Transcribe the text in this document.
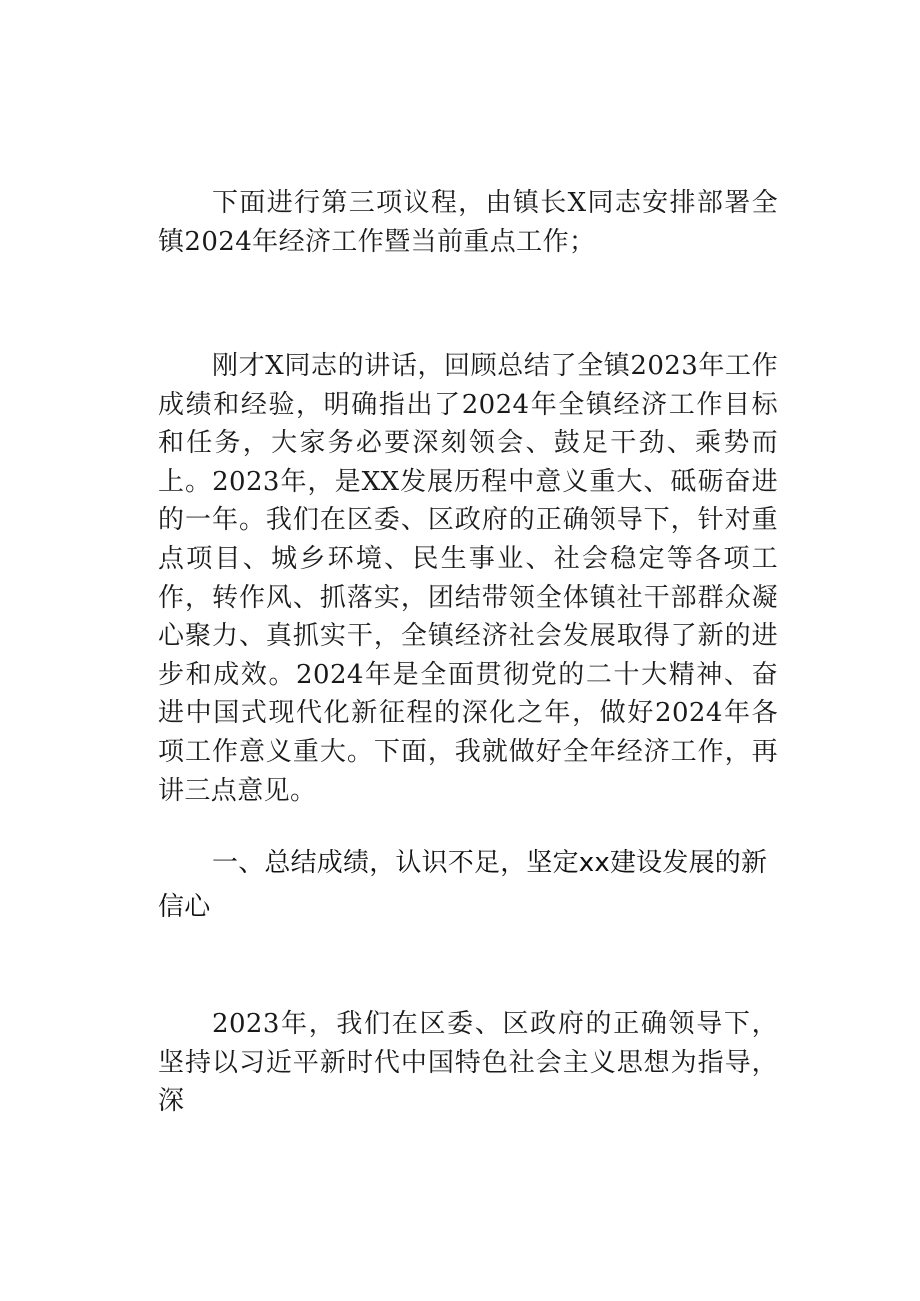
下面进行第三项议程，由镇长X同志安排部署全镇2024年经济工作暨当前重点工作；

刚才X同志的讲话，回顾总结了全镇2023年工作成绩和经验，明确指出了2024年全镇经济工作目标和任务，大家务必要深刻领会、鼓足干劲、乘势而上。2023年，是XX发展历程中意义重大、砥砺奋进的一年。我们在区委、区政府的正确领导下，针对重点项目、城乡环境、民生事业、社会稳定等各项工作，转作风、抓落实，团结带领全体镇社干部群众凝心聚力、真抓实干，全镇经济社会发展取得了新的进步和成效。2024年是全面贯彻党的二十大精神、奋进中国式现代化新征程的深化之年，做好2024年各项工作意义重大。下面，我就做好全年经济工作，再讲三点意见。

一、总结成绩，认识不足，坚定xx建设发展的新信心

2023年，我们在区委、区政府的正确领导下，坚持以习近平新时代中国特色社会主义思想为指导，深
